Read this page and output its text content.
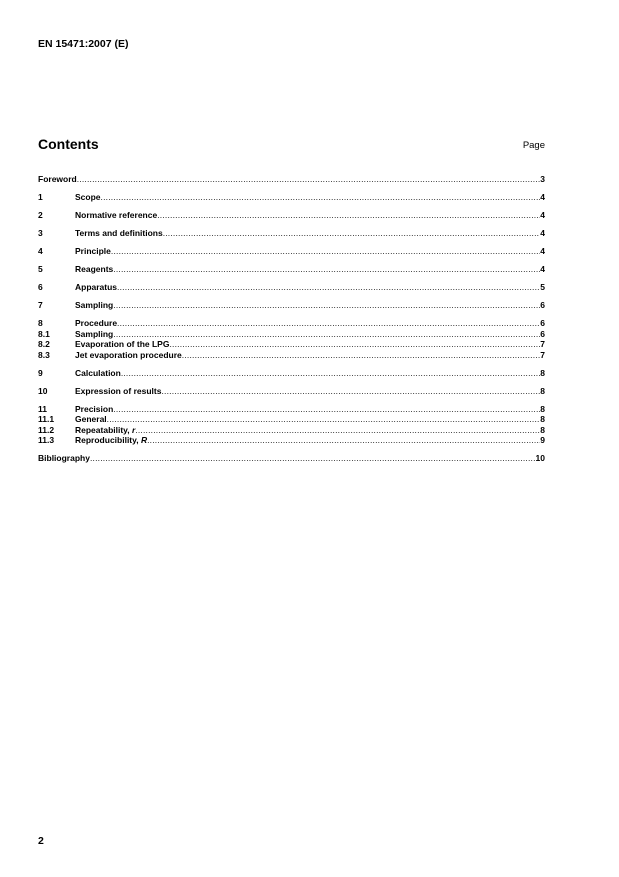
EN 15471:2007 (E)
Contents	Page
Foreword .....	3
1	Scope .....	4
2	Normative reference .....	4
3	Terms and definitions .....	4
4	Principle .....	4
5	Reagents .....	4
6	Apparatus .....	5
7	Sampling .....	6
8	Procedure .....	6
8.1	Sampling .....	6
8.2	Evaporation of the LPG .....	7
8.3	Jet evaporation procedure .....	7
9	Calculation .....	8
10	Expression of results .....	8
11	Precision .....	8
11.1	General .....	8
11.2	Repeatability, r .....	8
11.3	Reproducibility, R .....	9
Bibliography .....	10
2
